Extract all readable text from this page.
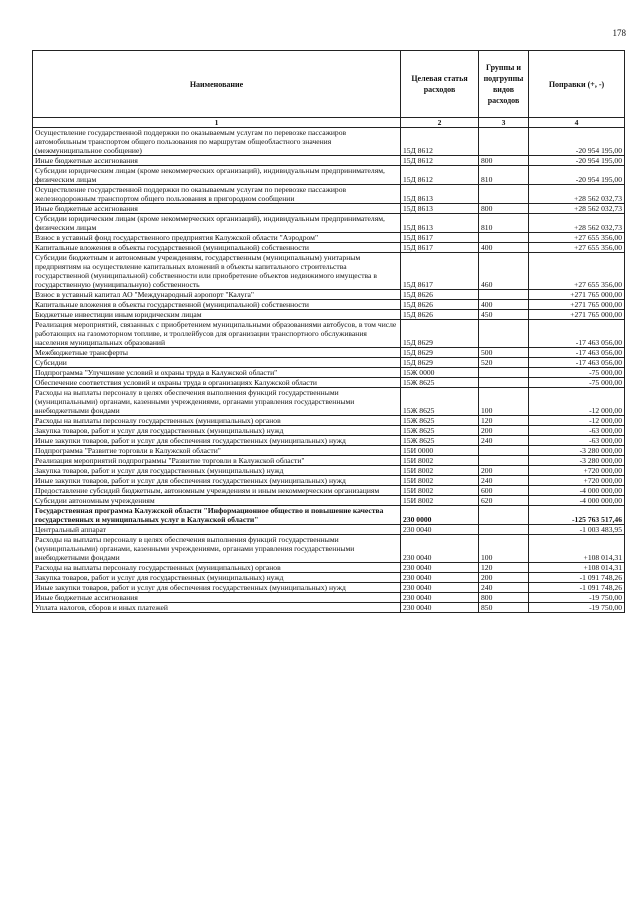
178
Наименование	Целевая статья расходов	Группы и подгруппы видов расходов	Поправки (+, -)
1	2	3	4
Осуществление государственной поддержки по оказываемым услугам по перевозке пассажиров автомобильным транспортом общего пользования по маршрутам общеобластного значения (межмуниципальное сообщение)	15Д 8612		-20 954 195,00
Иные бюджетные ассигнования	15Д 8612	800	-20 954 195,00
Субсидии юридическим лицам (кроме некоммерческих организаций), индивидуальным предпринимателям, физическим лицам	15Д 8612	810	-20 954 195,00
Осуществление государственной поддержки по оказываемым услугам по перевозке пассажиров железнодорожным транспортом общего пользования в пригородном сообщении	15Д 8613		+28 562 032,73
Иные бюджетные ассигнования	15Д 8613	800	+28 562 032,73
Субсидии юридическим лицам (кроме некоммерческих организаций), индивидуальным предпринимателям, физическим лицам	15Д 8613	810	+28 562 032,73
Взнос в уставный фонд государственного предприятия Калужской области "Аэродром"	15Д 8617		+27 655 356,00
Капитальные вложения в объекты государственной (муниципальной) собственности	15Д 8617	400	+27 655 356,00
Субсидии бюджетным и автономным учреждениям, государственным (муниципальным) унитарным предприятиям на осуществление капитальных вложений в объекты капитального строительства государственной (муниципальной) собственности или приобретение объектов недвижимого имущества в государственную (муниципальную) собственность	15Д 8617	460	+27 655 356,00
Взнос в уставный капитал АО "Международный аэропорт "Калуга"	15Д 8626		+271 765 000,00
Капитальные вложения в объекты государственной (муниципальной) собственности	15Д 8626	400	+271 765 000,00
Бюджетные инвестиции иным юридическим лицам	15Д 8626	450	+271 765 000,00
Реализация мероприятий, связанных с приобретением муниципальными образованиями автобусов, в том числе работающих на газомоторном топливе, и троллейбусов для организации транспортного обслуживания населения муниципальных образований	15Д 8629		-17 463 056,00
Межбюджетные трансферты	15Д 8629	500	-17 463 056,00
Субсидии	15Д 8629	520	-17 463 056,00
Подпрограмма "Улучшение условий и охраны труда в Калужской области"	15Ж 0000		-75 000,00
Обеспечение соответствия условий и охраны труда в организациях Калужской области	15Ж 8625		-75 000,00
Расходы на выплаты персоналу в целях обеспечения выполнения функций государственными (муниципальными) органами, казенными учреждениями, органами управления государственными внебюджетными фондами	15Ж 8625	100	-12 000,00
Расходы на выплаты персоналу государственных (муниципальных) органов	15Ж 8625	120	-12 000,00
Закупка товаров, работ и услуг для государственных (муниципальных) нужд	15Ж 8625	200	-63 000,00
Иные закупки товаров, работ и услуг для обеспечения государственных (муниципальных) нужд	15Ж 8625	240	-63 000,00
Подпрограмма "Развитие торговли в Калужской области"	15И 0000		-3 280 000,00
Реализация мероприятий подпрограммы "Развитие торговли в Калужской области"	15И 8002		-3 280 000,00
Закупка товаров, работ и услуг для государственных (муниципальных) нужд	15И 8002	200	+720 000,00
Иные закупки товаров, работ и услуг для обеспечения государственных (муниципальных) нужд	15И 8002	240	+720 000,00
Предоставление субсидий бюджетным, автономным учреждениям и иным некоммерческим организациям	15И 8002	600	-4 000 000,00
Субсидии автономным учреждениям	15И 8002	620	-4 000 000,00
Государственная программа Калужской области "Информационное общество и повышение качества государственных и муниципальных услуг в Калужской области"	230 0000		-125 763 517,46
Центральный аппарат	230 0040		-1 003 483,95
Расходы на выплаты персоналу в целях обеспечения выполнения функций государственными (муниципальными) органами, казенными учреждениями, органами управления государственными внебюджетными фондами	230 0040	100	+108 014,31
Расходы на выплаты персоналу государственных (муниципальных) органов	230 0040	120	+108 014,31
Закупка товаров, работ и услуг для государственных (муниципальных) нужд	230 0040	200	-1 091 748,26
Иные закупки товаров, работ и услуг для обеспечения государственных (муниципальных) нужд	230 0040	240	-1 091 748,26
Иные бюджетные ассигнования	230 0040	800	-19 750,00
Уплата налогов, сборов и иных платежей	230 0040	850	-19 750,00
